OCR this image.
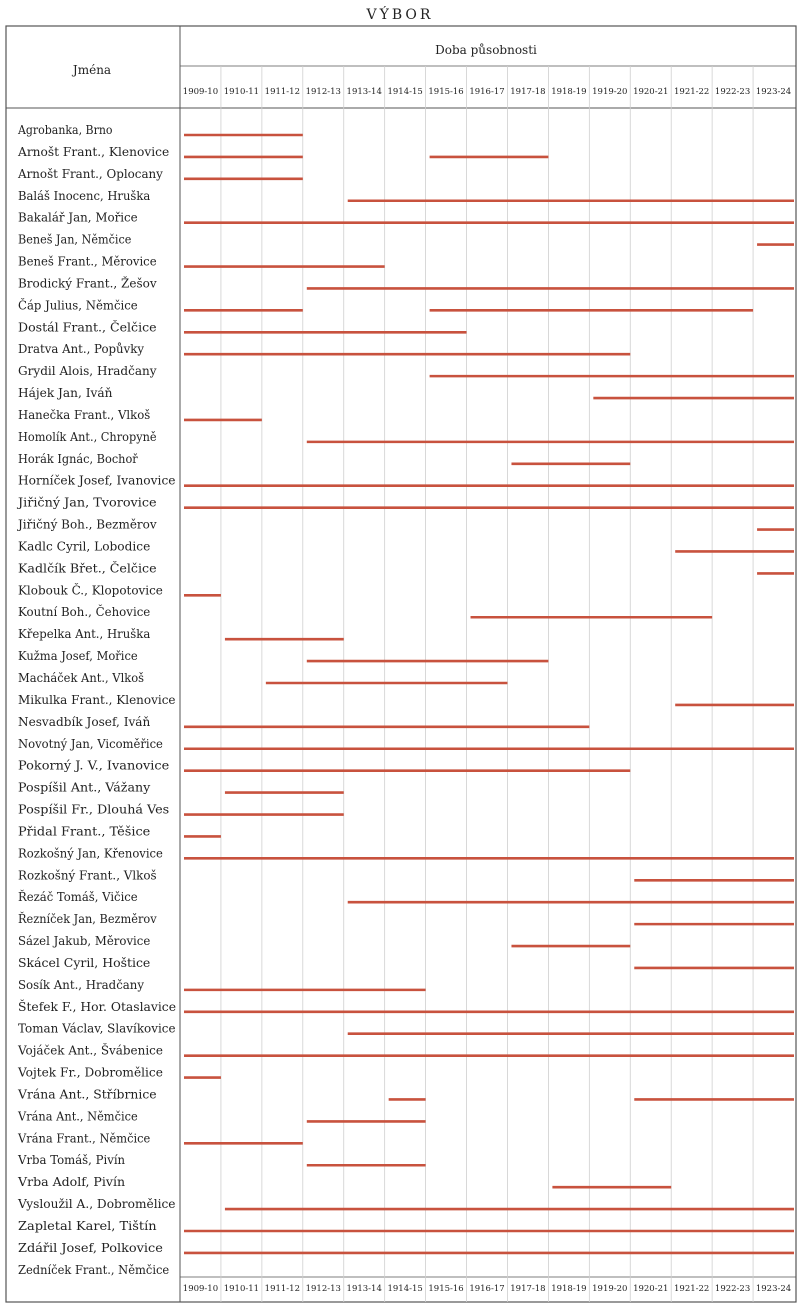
VÝBOR
Jména
Doba působnosti
1909-10 1910-11 1911-12 1912-13 1913-14 1914-15 1915-16 1916-17 1917-18 1918-19 1919-20 1920-21 1921-22 1922-23 1923-24
Agrobanka, Brno
Arnošt Frant., Klenovice
Arnošt Frant., Oplocany
Baláš Inocenc, Hruška
Bakalář Jan, Mořice
Beneš Jan, Němčice
Beneš Frant., Měrovice
Brodický Frant., Žešov
Čáp Julius, Němčice
Dostál Frant., Čelčice
Dratva Ant., Popůvky
Grydil Alois, Hradčany
Hájek Jan, Iváň
Hanečka Frant., Vlkoš
Homolík Ant., Chropyně
Horák Ignác, Bochoř
Horníček Josef, Ivanovice
Jiřičný Jan, Tvorovice
Jiřičný Boh., Bezměrov
Kadlc Cyril, Lobodice
Kadlčík Břet., Čelčice
Klobouk Č., Klopotovice
Koutní Boh., Čehovice
Křepelka Ant., Hruška
Kužma Josef, Mořice
Macháček Ant., Vlkoš
Mikulka Frant., Klenovice
Nesvadbík Josef, Iváň
Novotný Jan, Vicoměřice
Pokorný J. V., Ivanovice
Pospíšil Ant., Vážany
Pospíšil Fr., Dlouhá Ves
Přidal Frant., Těšice
Rozkošný Jan, Křenovice
Rozkošný Frant., Vlkoš
Řezáč Tomáš, Vičice
Řezníček Jan, Bezměrov
Sázel Jakub, Měrovice
Skácel Cyril, Hoštice
Sosík Ant., Hradčany
Štefek F., Hor. Otaslavice
Toman Václav, Slavíkovice
Vojáček Ant., Švábenice
Vojtek Fr., Dobromělice
Vrána Ant., Stříbrnice
Vrána Ant., Němčice
Vrána Frant., Němčice
Vrba Tomáš, Pivín
Vrba Adolf, Pivín
Vysloužil A., Dobromělice
Zapletal Karel, Tištín
Zdářil Josef, Polkovice
Zedníček Frant., Němčice
1909-10 1910-11 1911-12 1912-13 1913-14 1914-15 1915-16 1916-17 1917-18 1918-19 1919-20 1920-21 1921-22 1922-23 1923-24
